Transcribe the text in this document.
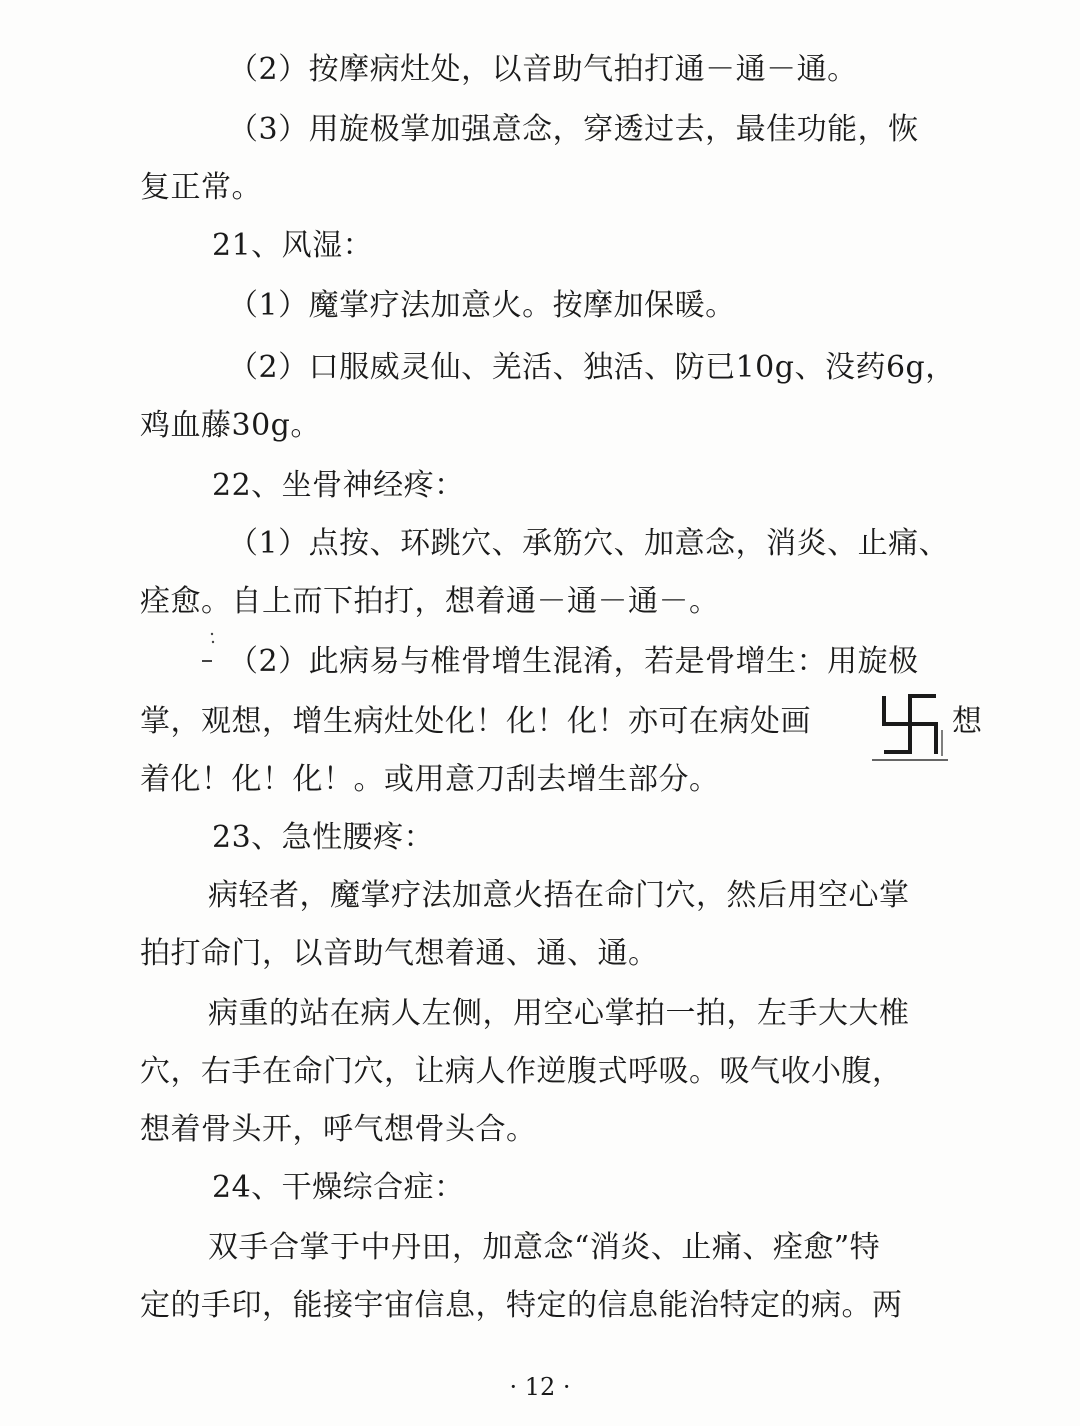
（2）按摩病灶处，以音助气拍打通－通－通。
（3）用旋极掌加强意念，穿透过去，最佳功能，恢
复正常。
21、风湿：
（1）魔掌疗法加意火。按摩加保暖。
（2）口服威灵仙、羌活、独活、防已10g、没药6g，
鸡血藤30g。
22、坐骨神经疼：
（1）点按、环跳穴、承筋穴、加意念，消炎、止痛、
痊愈。自上而下拍打，想着通－通－通－。
（2）此病易与椎骨增生混淆，若是骨增生：用旋极
掌，观想，增生病灶处化！化！化！亦可在病处画	想
着化！化！化！。或用意刀刮去增生部分。
23、急性腰疼：
病轻者，魔掌疗法加意火捂在命门穴，然后用空心掌
拍打命门，以音助气想着通、通、通。
病重的站在病人左侧，用空心掌拍一拍，左手大大椎
穴，右手在命门穴，让病人作逆腹式呼吸。吸气收小腹，
想着骨头开，呼气想骨头合。
24、干燥综合症：
双手合掌于中丹田，加意念“消炎、止痛、痊愈”特
定的手印，能接宇宙信息，特定的信息能治特定的病。两
· 12 ·
